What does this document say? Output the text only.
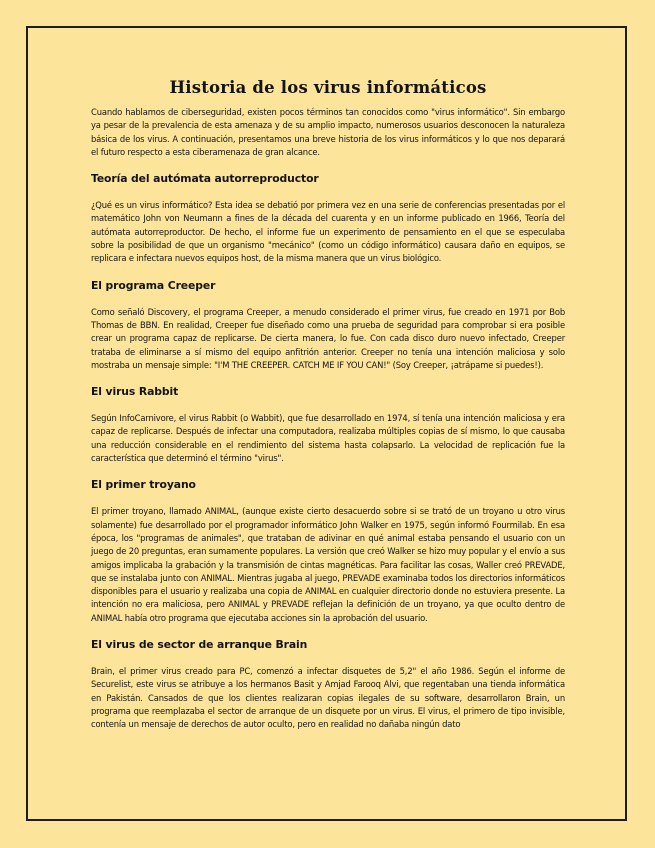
Historia de los virus informáticos

Cuando hablamos de ciberseguridad, existen pocos términos tan conocidos como "virus informático". Sin embargo ya pesar de la prevalencia de esta amenaza y de su amplio impacto, numerosos usuarios desconocen la naturaleza básica de los virus. A continuación, presentamos una breve historia de los virus informáticos y lo que nos deparará el futuro respecto a esta ciberamenaza de gran alcance.

Teoría del autómata autorreproductor

¿Qué es un virus informático? Esta idea se debatió por primera vez en una serie de conferencias presentadas por el matemático John von Neumann a fines de la década del cuarenta y en un informe publicado en 1966, Teoría del autómata autorreproductor. De hecho, el informe fue un experimento de pensamiento en el que se especulaba sobre la posibilidad de que un organismo "mecánico" (como un código informático) causara daño en equipos, se replicara e infectara nuevos equipos host, de la misma manera que un virus biológico.

El programa Creeper

Como señaló Discovery, el programa Creeper, a menudo considerado el primer virus, fue creado en 1971 por Bob Thomas de BBN. En realidad, Creeper fue diseñado como una prueba de seguridad para comprobar si era posible crear un programa capaz de replicarse. De cierta manera, lo fue. Con cada disco duro nuevo infectado, Creeper trataba de eliminarse a sí mismo del equipo anfitrión anterior. Creeper no tenía una intención maliciosa y solo mostraba un mensaje simple: "I'M THE CREEPER. CATCH ME IF YOU CAN!" (Soy Creeper, ¡atrápame si puedes!).

El virus Rabbit

Según InfoCarnivore, el virus Rabbit (o Wabbit), que fue desarrollado en 1974, sí tenía una intención maliciosa y era capaz de replicarse. Después de infectar una computadora, realizaba múltiples copias de sí mismo, lo que causaba una reducción considerable en el rendimiento del sistema hasta colapsarlo. La velocidad de replicación fue la característica que determinó el término "virus".

El primer troyano

El primer troyano, llamado ANIMAL, (aunque existe cierto desacuerdo sobre si se trató de un troyano u otro virus solamente) fue desarrollado por el programador informático John Walker en 1975, según informó Fourmilab. En esa época, los "programas de animales", que trataban de adivinar en qué animal estaba pensando el usuario con un juego de 20 preguntas, eran sumamente populares. La versión que creó Walker se hizo muy popular y el envío a sus amigos implicaba la grabación y la transmisión de cintas magnéticas. Para facilitar las cosas, Waller creó PREVADE, que se instalaba junto con ANIMAL. Mientras jugaba al juego, PREVADE examinaba todos los directorios informáticos disponibles para el usuario y realizaba una copia de ANIMAL en cualquier directorio donde no estuviera presente. La intención no era maliciosa, pero ANIMAL y PREVADE reflejan la definición de un troyano, ya que oculto dentro de ANIMAL había otro programa que ejecutaba acciones sin la aprobación del usuario.

El virus de sector de arranque Brain

Brain, el primer virus creado para PC, comenzó a infectar disquetes de 5,2" el año 1986. Según el informe de Securelist, este virus se atribuye a los hermanos Basit y Amjad Farooq Alvi, que regentaban una tienda informática en Pakistán. Cansados de que los clientes realizaran copias ilegales de su software, desarrollaron Brain, un programa que reemplazaba el sector de arranque de un disquete por un virus. El virus, el primero de tipo invisible, contenía un mensaje de derechos de autor oculto, pero en realidad no dañaba ningún dato
